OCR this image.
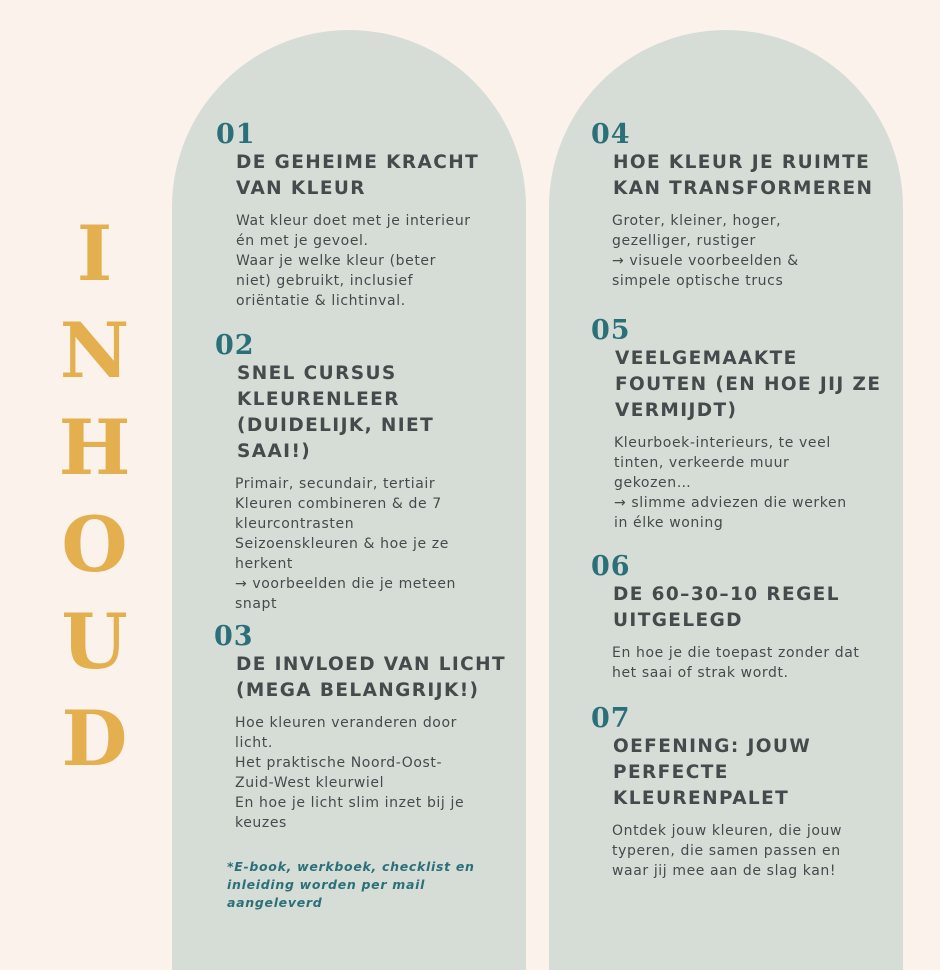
I
N
H
O
U
D
01
DE GEHEIME KRACHT
VAN KLEUR

Wat kleur doet met je interieur
én met je gevoel.
Waar je welke kleur (beter
niet) gebruikt, inclusief
oriëntatie & lichtinval.

02
SNEL CURSUS
KLEURENLEER
(DUIDELIJK, NIET SAAI!)

Primair, secundair, tertiair
Kleuren combineren & de 7
kleurcontrasten
Seizoenskleuren & hoe je ze
herkent
→ voorbeelden die je meteen
snapt

03
DE INVLOED VAN LICHT
(MEGA BELANGRIJK!)

Hoe kleuren veranderen door
licht.
Het praktische Noord-Oost-
Zuid-West kleurwiel
En hoe je licht slim inzet bij je
keuzes

04
HOE KLEUR JE RUIMTE
KAN TRANSFORMEREN

Groter, kleiner, hoger,
gezelliger, rustiger
→ visuele voorbeelden &
simpele optische trucs

05
VEELGEMAAKTE
FOUTEN (EN HOE JIJ ZE
VERMIJDT)

Kleurboek-interieurs, te veel
tinten, verkeerde muur
gekozen…
→ slimme adviezen die werken
in élke woning

06
DE 60–30–10 REGEL
UITGELEGD

En hoe je die toepast zonder dat
het saai of strak wordt.

07
OEFENING: JOUW
PERFECTE
KLEURENPALET

Ontdek jouw kleuren, die jouw
typeren, die samen passen en
waar jij mee aan de slag kan!

*E-book, werkboek, checklist en
inleiding worden per mail
aangeleverd
